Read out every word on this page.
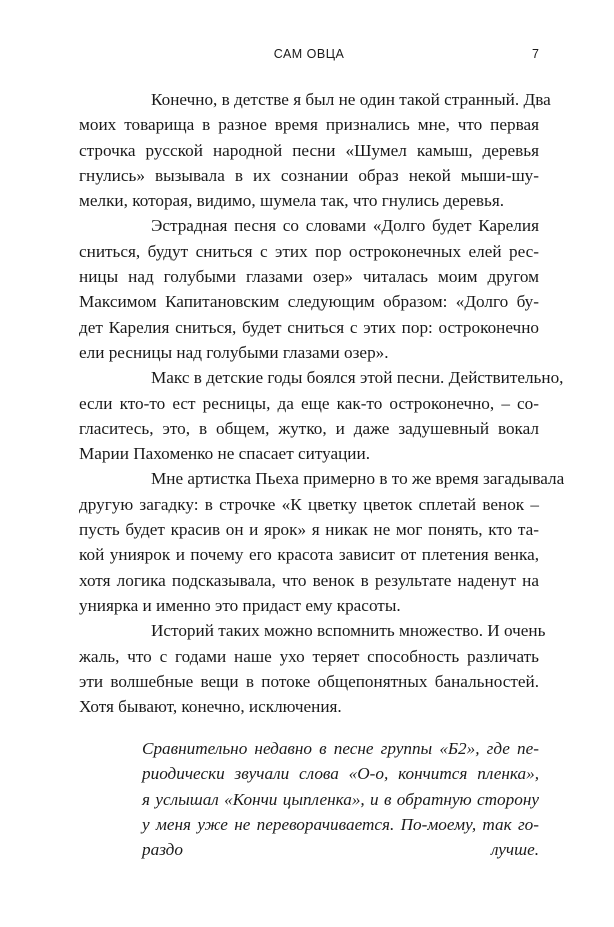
САМ ОВЦА	7

Конечно, в детстве я был не один такой странный. Два
моих товарища в разное время признались мне, что первая
строчка русской народной песни «Шумел камыш, деревья
гнулись» вызывала в их сознании образ некой мыши-шу-
мелки, которая, видимо, шумела так, что гнулись деревья.

Эстрадная песня со словами «Долго будет Карелия
сниться, будут сниться с этих пор остроконечных елей рес-
ницы над голубыми глазами озер» читалась моим другом
Максимом Капитановским следующим образом: «Долго бу-
дет Карелия сниться, будет сниться с этих пор: остроконечно
ели ресницы над голубыми глазами озер».

Макс в детские годы боялся этой песни. Действительно,
если кто-то ест ресницы, да еще как-то остроконечно, – со-
гласитесь, это, в общем, жутко, и даже задушевный вокал
Марии Пахоменко не спасает ситуации.

Мне артистка Пьеха примерно в то же время загадывала
другую загадку: в строчке «К цветку цветок сплетай венок –
пусть будет красив он и ярок» я никак не мог понять, кто та-
кой униярок и почему его красота зависит от плетения венка,
хотя логика подсказывала, что венок в результате наденут на
униярка и именно это придаст ему красоты.

Историй таких можно вспомнить множество. И очень
жаль, что с годами наше ухо теряет способность различать
эти волшебные вещи в потоке общепонятных банальностей.
Хотя бывают, конечно, исключения.

Сравнительно недавно в песне группы «Б2», где пе-
риодически звучали слова «О-о, кончится пленка»,
я услышал «Кончи цыпленка», и в обратную сторону
у меня уже не переворачивается. По-моему, так го-
раздо лучше.
